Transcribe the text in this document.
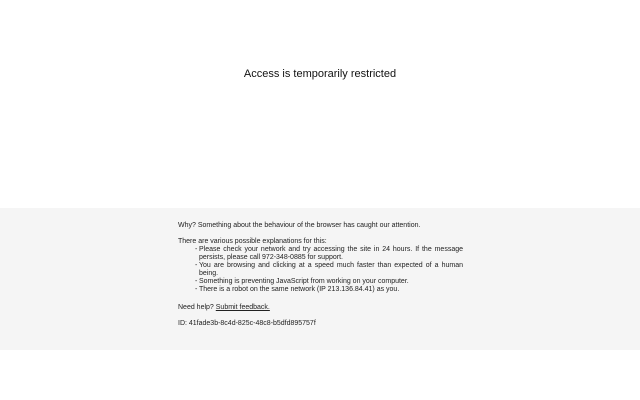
Access is temporarily restricted

Why? Something about the behaviour of the browser has caught our attention.

There are various possible explanations for this:

- Please check your network and try accessing the site in 24 hours. If the message persists, please call 972-348-0885 for support.
- You are browsing and clicking at a speed much faster than expected of a human being.
- Something is preventing JavaScript from working on your computer.
- There is a robot on the same network (IP 213.136.84.41) as you.

Need help? Submit feedback.

ID: 41fade3b-8c4d-825c-48c8-b5dfd895757f
